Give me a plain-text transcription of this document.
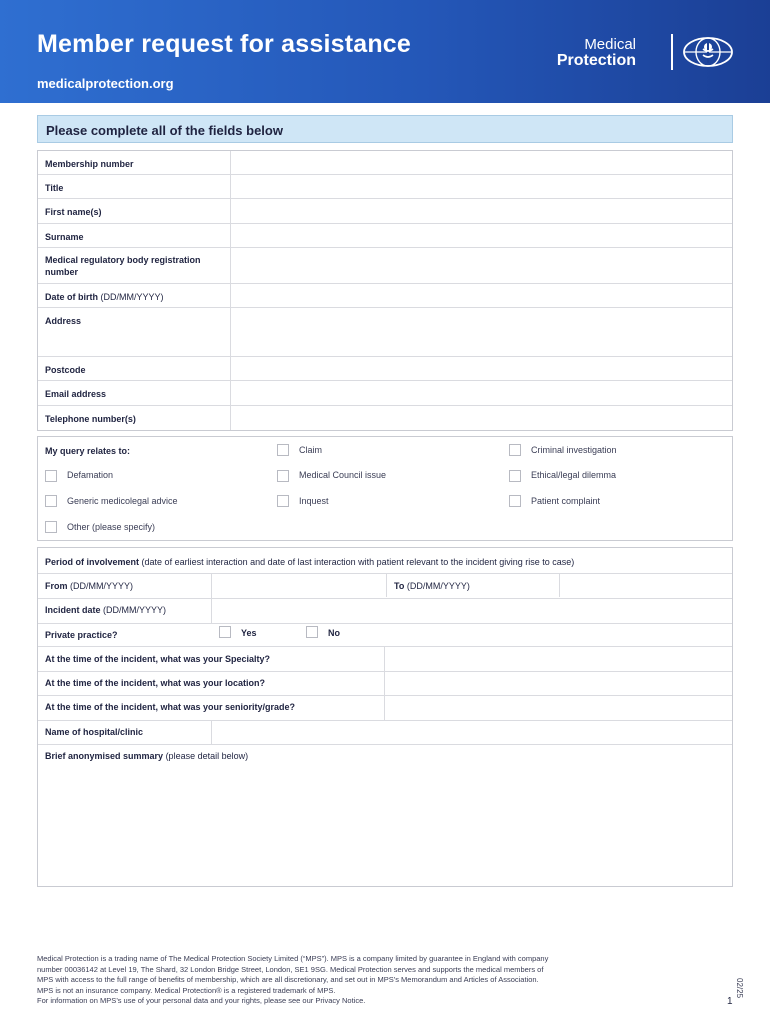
Member request for assistance
medicalprotection.org
Medical
Protection
Please complete all of the fields below
Membership number
Title
First name(s)
Surname
Medical regulatory body registration number
Date of birth (DD/MM/YYYY)
Address
Postcode
Email address
Telephone number(s)
My query relates to:	Claim	Criminal investigation
Defamation	Medical Council issue	Ethical/legal dilemma
Generic medicolegal advice	Inquest	Patient complaint
Other (please specify)
Period of involvement (date of earliest interaction and date of last interaction with patient relevant to the incident giving rise to case)
From (DD/MM/YYYY)	To (DD/MM/YYYY)
Incident date (DD/MM/YYYY)
Private practice?	Yes	No
At the time of the incident, what was your Specialty?
At the time of the incident, what was your location?
At the time of the incident, what was your seniority/grade?
Name of hospital/clinic
Brief anonymised summary (please detail below)
Medical Protection is a trading name of The Medical Protection Society Limited (“MPS”). MPS is a company limited by guarantee in England with company
number 00036142 at Level 19, The Shard, 32 London Bridge Street, London, SE1 9SG. Medical Protection serves and supports the medical members of
MPS with access to the full range of benefits of membership, which are all discretionary, and set out in MPS’s Memorandum and Articles of Association.
MPS is not an insurance company. Medical Protection® is a registered trademark of MPS.
For information on MPS’s use of your personal data and your rights, please see our Privacy Notice.	1
02/25
